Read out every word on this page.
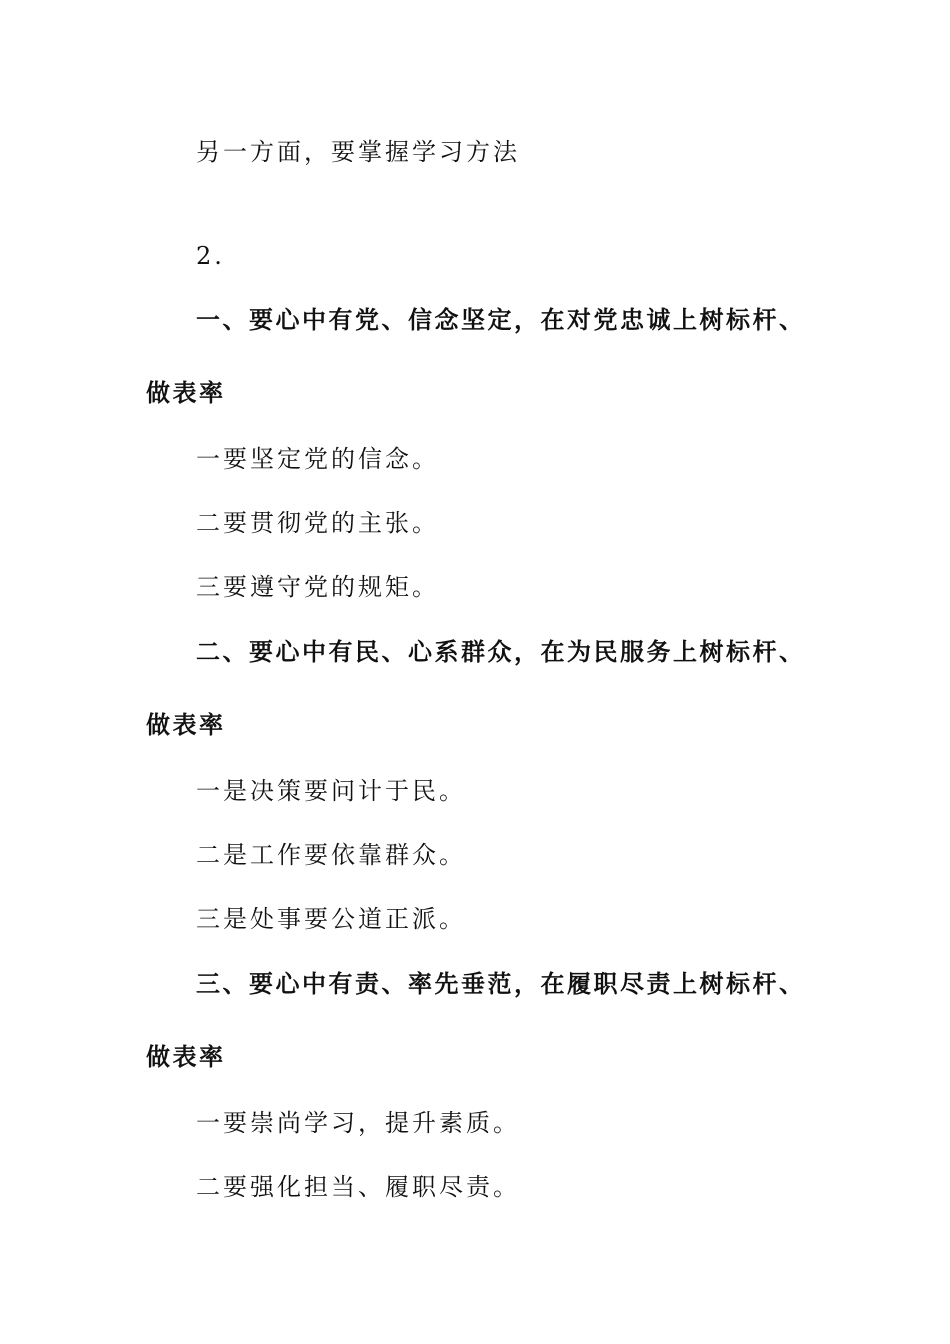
另一方面，要掌握学习方法
2.
一、要心中有党、信念坚定，在对党忠诚上树标杆、
做表率
一要坚定党的信念。
二要贯彻党的主张。
三要遵守党的规矩。
二、要心中有民、心系群众，在为民服务上树标杆、
做表率
一是决策要问计于民。
二是工作要依靠群众。
三是处事要公道正派。
三、要心中有责、率先垂范，在履职尽责上树标杆、
做表率
一要崇尚学习，提升素质。
二要强化担当、履职尽责。
